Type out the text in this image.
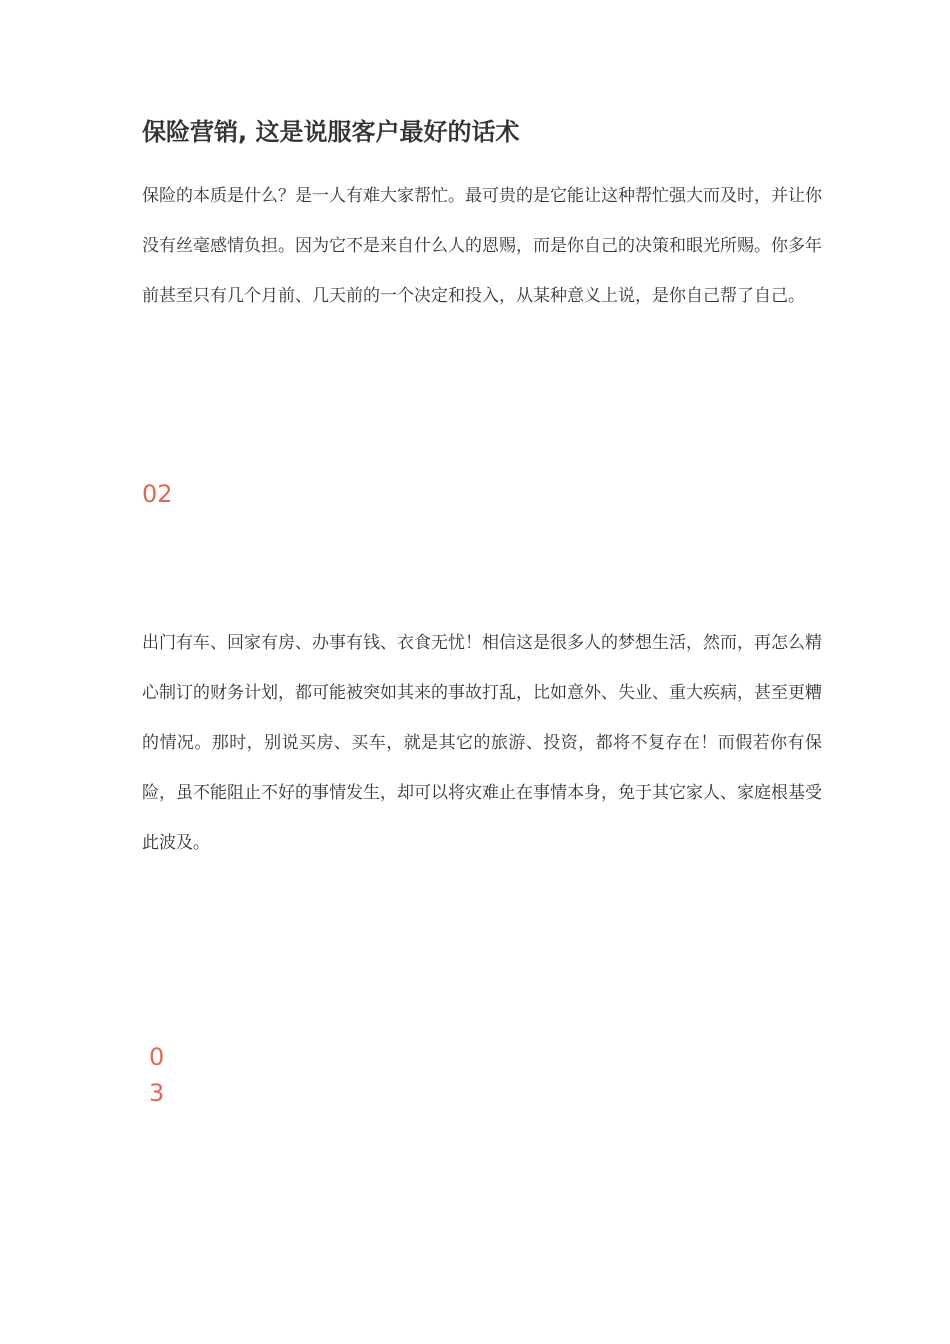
保险营销, 这是说服客户最好的话术

保险的本质是什么？是一人有难大家帮忙。最可贵的是它能让这种帮忙强大而及时，并让你没有丝毫感情负担。因为它不是来自什么人的恩赐，而是你自己的决策和眼光所赐。你多年前甚至只有几个月前、几天前的一个决定和投入，从某种意义上说，是你自己帮了自己。

02

出门有车、回家有房、办事有钱、衣食无忧！相信这是很多人的梦想生活，然而，再怎么精心制订的财务计划，都可能被突如其来的事故打乱，比如意外、失业、重大疾病，甚至更糟的情况。那时，别说买房、买车，就是其它的旅游、投资，都将不复存在！而假若你有保险，虽不能阻止不好的事情发生，却可以将灾难止在事情本身，免于其它家人、家庭根基受此波及。

03
